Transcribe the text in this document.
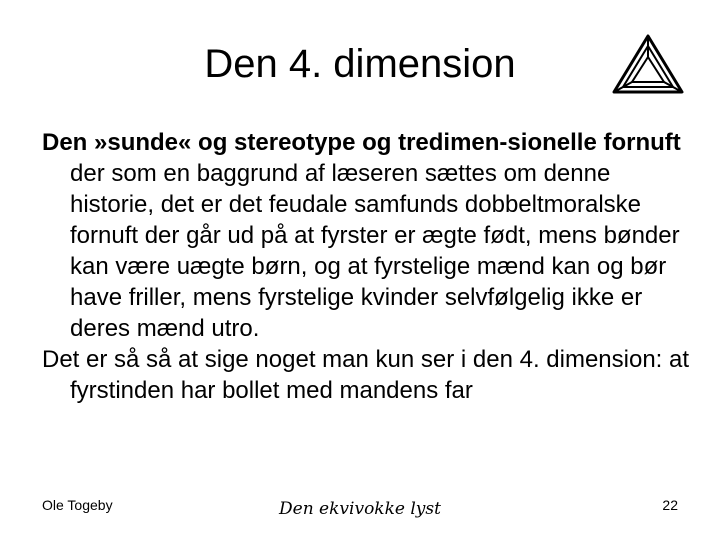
Den 4. dimension

Den »sunde« og stereotype og tredimen-sionelle fornuft der som en baggrund af læseren sættes om denne historie, det er det feudale samfunds dobbeltmoralske fornuft der går ud på at fyrster er ægte født, mens bønder kan være uægte børn, og at fyrstelige mænd kan og bør have friller, mens fyrstelige kvinder selvfølgelig ikke er deres mænd utro.

Det er så så at sige noget man kun ser i den 4. dimension: at fyrstinden har bollet med mandens far

Ole Togeby	Den ekvivokke lyst	22
